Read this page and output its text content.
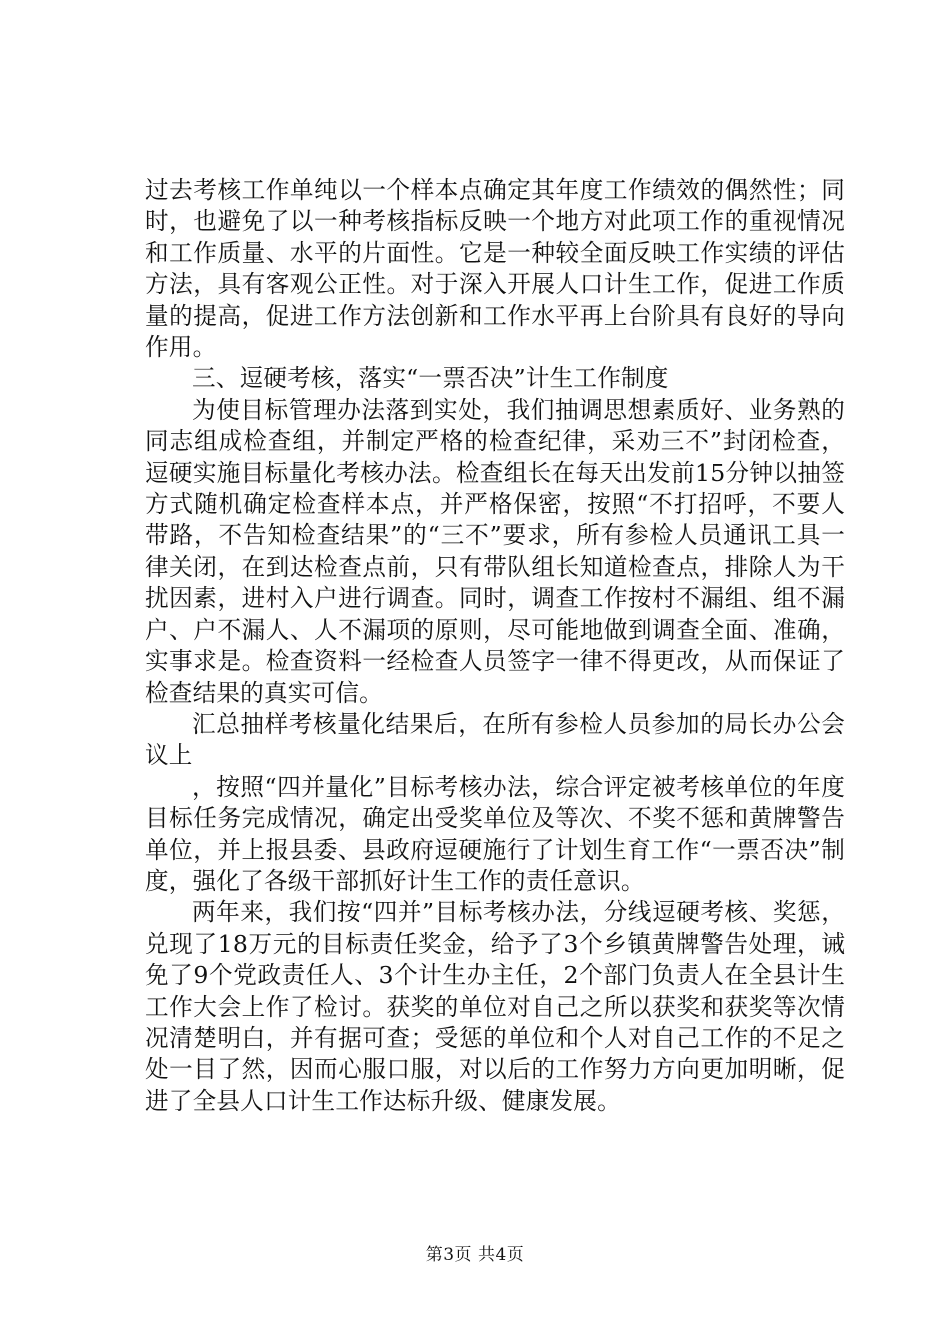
过去考核工作单纯以一个样本点确定其年度工作绩效的偶然性；同时，也避免了以一种考核指标反映一个地方对此项工作的重视情况和工作质量、水平的片面性。它是一种较全面反映工作实绩的评估方法，具有客观公正性。对于深入开展人口计生工作，促进工作质量的提高，促进工作方法创新和工作水平再上台阶具有良好的导向作用。

三、逗硬考核，落实“一票否决”计生工作制度

为使目标管理办法落到实处，我们抽调思想素质好、业务熟的同志组成检查组，并制定严格的检查纪律，采劝三不”封闭检查，逗硬实施目标量化考核办法。检查组长在每天出发前15分钟以抽签方式随机确定检查样本点，并严格保密，按照“不打招呼，不要人带路，不告知检查结果”的“三不”要求，所有参检人员通讯工具一律关闭，在到达检查点前，只有带队组长知道检查点，排除人为干扰因素，进村入户进行调查。同时，调查工作按村不漏组、组不漏户、户不漏人、人不漏项的原则，尽可能地做到调查全面、准确，实事求是。检查资料一经检查人员签字一律不得更改，从而保证了检查结果的真实可信。

汇总抽样考核量化结果后，在所有参检人员参加的局长办公会议上

，按照“四并量化”目标考核办法，综合评定被考核单位的年度目标任务完成情况，确定出受奖单位及等次、不奖不惩和黄牌警告单位，并上报县委、县政府逗硬施行了计划生育工作“一票否决”制度，强化了各级干部抓好计生工作的责任意识。

两年来，我们按“四并”目标考核办法，分线逗硬考核、奖惩，兑现了18万元的目标责任奖金，给予了3个乡镇黄牌警告处理，诫免了9个党政责任人、3个计生办主任，2个部门负责人在全县计生工作大会上作了检讨。获奖的单位对自己之所以获奖和获奖等次情况清楚明白，并有据可查；受惩的单位和个人对自己工作的不足之处一目了然，因而心服口服，对以后的工作努力方向更加明晰，促进了全县人口计生工作达标升级、健康发展。

第3页 共4页
